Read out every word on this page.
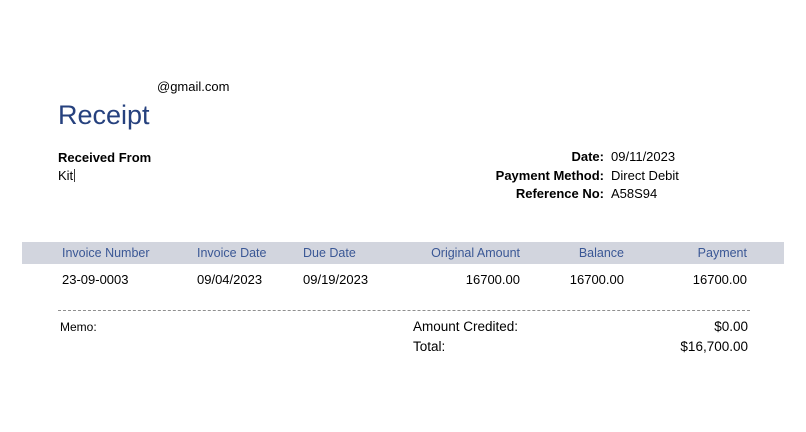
@gmail.com
Receipt
Received From
Kit
Date: 09/11/2023
Payment Method: Direct Debit
Reference No: A58S94
Invoice Number	Invoice Date	Due Date	Original Amount	Balance	Payment
23-09-0003	09/04/2023	09/19/2023	16700.00	16700.00	16700.00
Memo:	Amount Credited:	$0.00
Total:	$16,700.00
